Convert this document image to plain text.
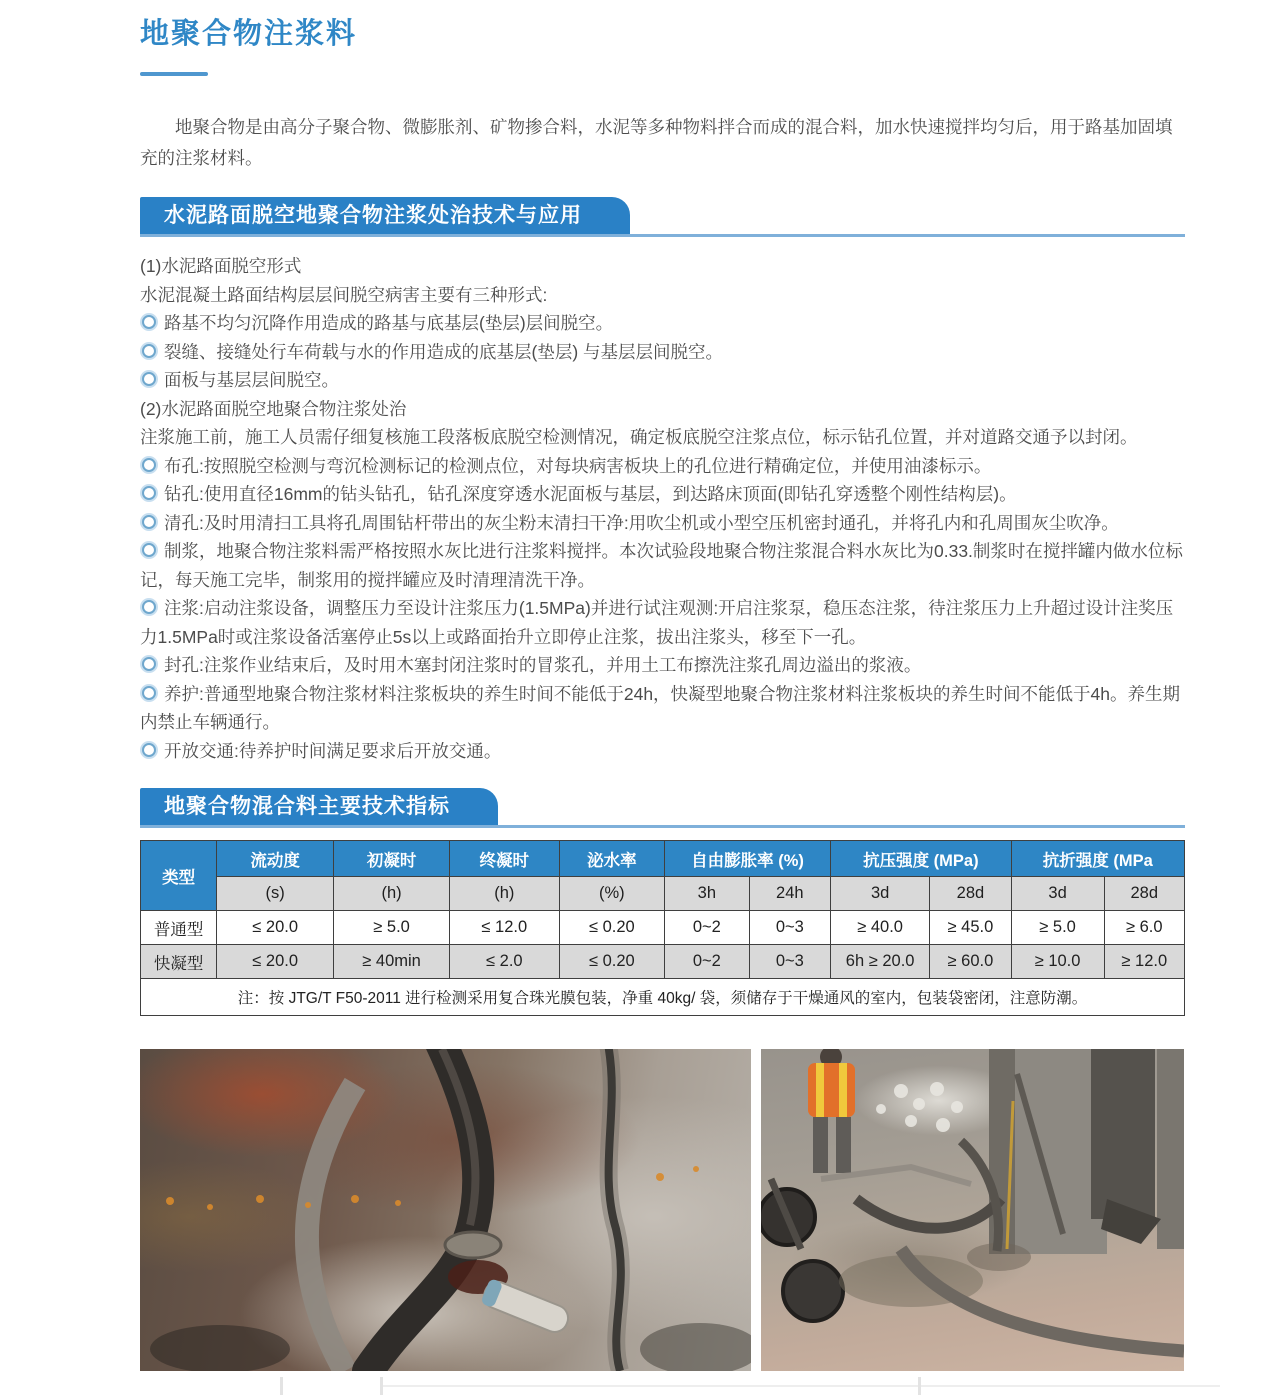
地聚合物注浆料

地聚合物是由高分子聚合物、微膨胀剂、矿物掺合料，水泥等多种物料拌合而成的混合料，加水快速搅拌均匀后，用于路基加固填充的注浆材料。

水泥路面脱空地聚合物注浆处治技术与应用

(1)水泥路面脱空形式

水泥混凝土路面结构层层间脱空病害主要有三种形式:

路基不均匀沉降作用造成的路基与底基层(垫层)层间脱空。

裂缝、接缝处行车荷载与水的作用造成的底基层(垫层) 与基层层间脱空。

面板与基层层间脱空。

(2)水泥路面脱空地聚合物注浆处治

注浆施工前，施工人员需仔细复核施工段落板底脱空检测情况，确定板底脱空注浆点位，标示钻孔位置，并对道路交通予以封闭。

布孔:按照脱空检测与弯沉检测标记的检测点位，对每块病害板块上的孔位进行精确定位，并使用油漆标示。

钻孔:使用直径16mm的钻头钻孔，钻孔深度穿透水泥面板与基层，到达路床顶面(即钻孔穿透整个刚性结构层)。

清孔:及时用清扫工具将孔周围钻杆带出的灰尘粉末清扫干净:用吹尘机或小型空压机密封通孔，并将孔内和孔周围灰尘吹净。

制浆，地聚合物注浆料需严格按照水灰比进行注浆料搅拌。本次试验段地聚合物注浆混合料水灰比为0.33.制浆时在搅拌罐内做水位标记，每天施工完毕，制浆用的搅拌罐应及时清理清洗干净。

注浆:启动注浆设备，调整压力至设计注浆压力(1.5MPa)并进行试注观测:开启注浆泵，稳压态注浆，待注浆压力上升超过设计注奖压力1.5MPa时或注浆设备活塞停止5s以上或路面抬升立即停止注浆，拔出注浆头，移至下一孔。

封孔:注浆作业结束后，及时用木塞封闭注浆时的冒浆孔，并用土工布擦洗注浆孔周边溢出的浆液。

养护:普通型地聚合物注浆材料注浆板块的养生时间不能低于24h，快凝型地聚合物注浆材料注浆板块的养生时间不能低于4h。养生期内禁止车辆通行。

开放交通:待养护时间满足要求后开放交通。

地聚合物混合料主要技术指标
类型	流动度	初凝时	终凝时	泌水率	自由膨胀率 (%)		抗压强度 (MPa)		抗折强度 (MPa	
	(s)	(h)	(h)	(%)	3h	24h	3d	28d	3d	28d
普通型	≤ 20.0	≥ 5.0	≤ 12.0	≤ 0.20	0~2	0~3	≥ 40.0	≥ 45.0	≥ 5.0	≥ 6.0
快凝型	≤ 20.0	≥ 40min	≤ 2.0	≤ 0.20	0~2	0~3	6h ≥ 20.0	≥ 60.0	≥ 10.0	≥ 12.0
注：按 JTG/T F50-2011 进行检测采用复合珠光膜包装，净重 40kg/ 袋，须储存于干燥通风的室内，包装袋密闭，注意防潮。										
